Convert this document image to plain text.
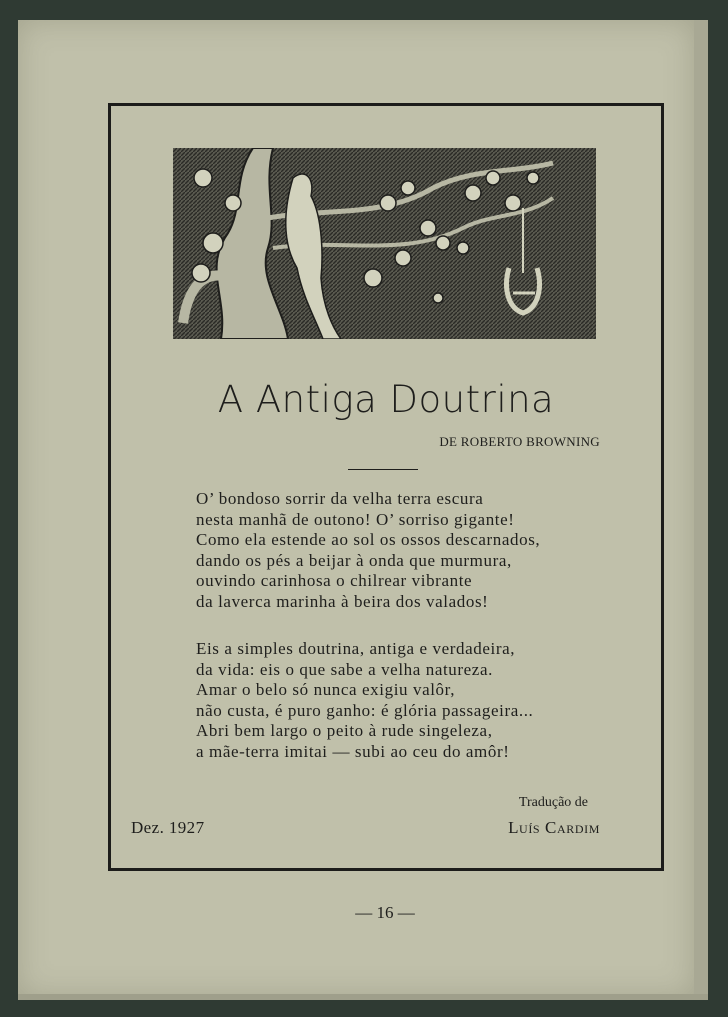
A Antiga Doutrina
DE ROBERTO BROWNING
O’ bondoso sorrir da velha terra escura
nesta manhã de outono! O’ sorriso gigante!
Como ela estende ao sol os ossos descarnados,
dando os pés a beijar à onda que murmura,
ouvindo carinhosa o chilrear vibrante
da laverca marinha à beira dos valados!
Eis a simples doutrina, antiga e verdadeira,
da vida: eis o que sabe a velha natureza.
Amar o belo só nunca exigiu valôr,
não custa, é puro ganho: é glória passageira...
Abri bem largo o peito à rude singeleza,
a mãe-terra imitai — subi ao ceu do amôr!
Tradução de
Dez. 1927	Luís Cardim
— 16 —
